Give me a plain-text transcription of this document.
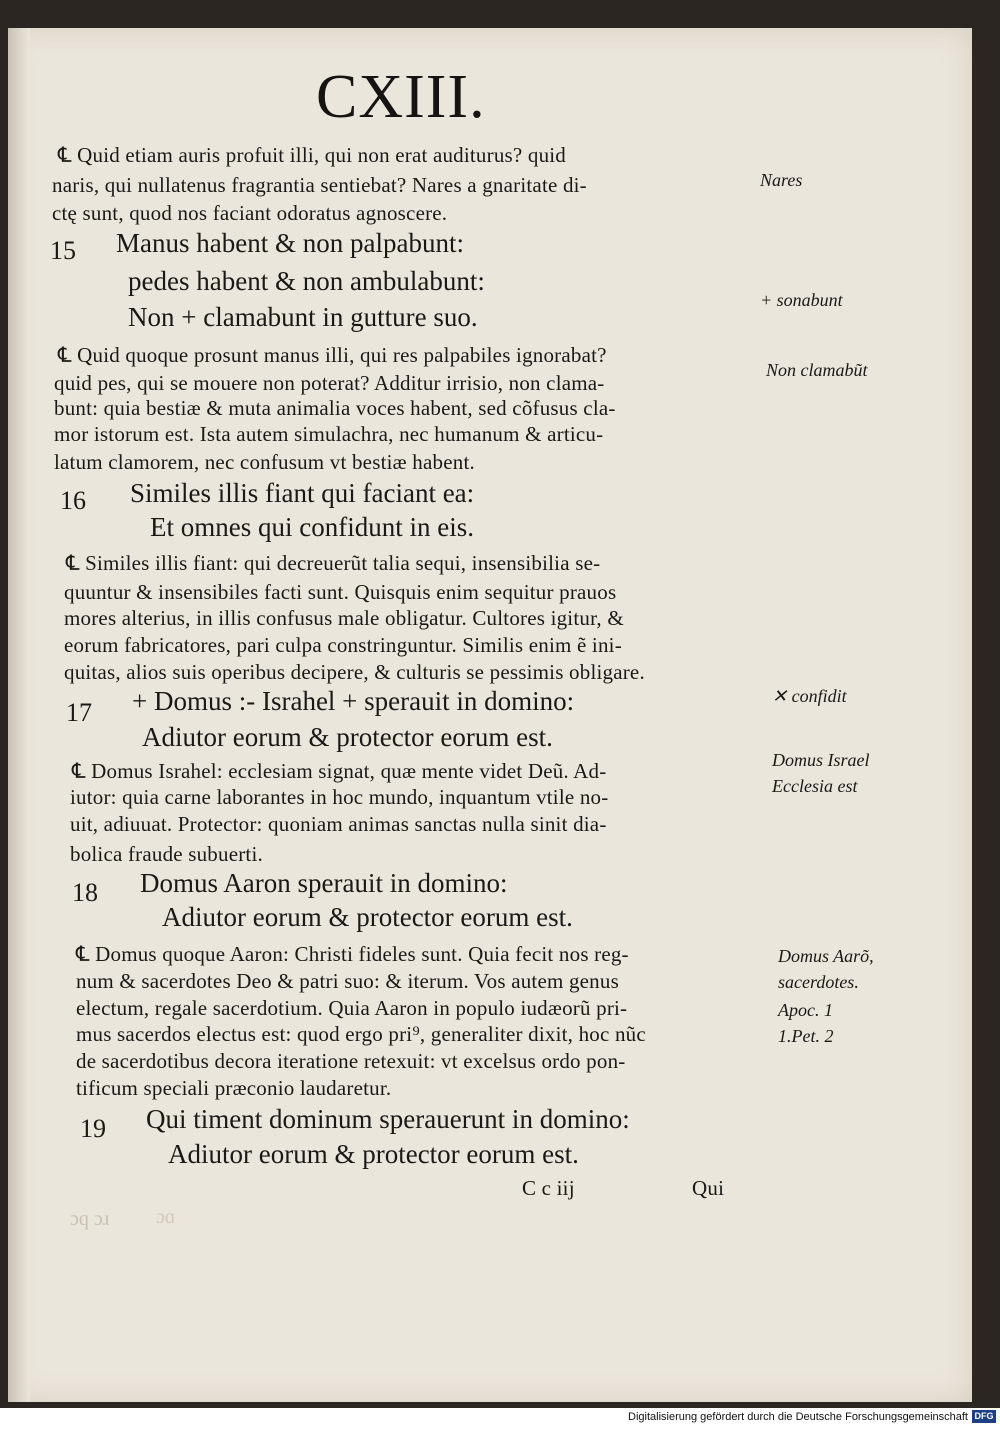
CXIII.
℄ Quid etiam auris profuit illi, qui non erat auditurus? quid
naris, qui nullatenus fragrantia sentiebat? Nares a gnaritate di-
ctę sunt, quod nos faciant odoratus agnoscere.
15 Manus habent & non palpabunt:
pedes habent & non ambulabunt:
Non + clamabunt in gutture suo.
℄ Quid quoque prosunt manus illi, qui res palpabiles ignorabat?
quid pes, qui se mouere non poterat? Additur irrisio, non clama-
bunt: quia bestiæ & muta animalia voces habent, sed cõfusus cla-
mor istorum est. Ista autem simulachra, nec humanum & articu-
latum clamorem, nec confusum vt bestiæ habent.
16 Similes illis fiant qui faciant ea:
Et omnes qui confidunt in eis.
℄ Similes illis fiant: qui decreuerũt talia sequi, insensibilia se-
quuntur & insensibiles facti sunt. Quisquis enim sequitur prauos
mores alterius, in illis confusus male obligatur. Cultores igitur, &
eorum fabricatores, pari culpa constringuntur. Similis enim ẽ ini-
quitas, alios suis operibus decipere, & culturis se pessimis obligare.
17 + Domus :- Israhel + sperauit in domino:
Adiutor eorum & protector eorum est.
℄ Domus Israhel: ecclesiam signat, quæ mente videt Deũ. Ad-
iutor: quia carne laborantes in hoc mundo, inquantum vtile no-
uit, adiuuat. Protector: quoniam animas sanctas nulla sinit dia-
bolica fraude subuerti.
18 Domus Aaron sperauit in domino:
Adiutor eorum & protector eorum est.
℄ Domus quoque Aaron: Christi fideles sunt. Quia fecit nos reg-
num & sacerdotes Deo & patri suo: & iterum. Vos autem genus
electum, regale sacerdotium. Quia Aaron in populo iudæorũ pri-
mus sacerdos electus est: quod ergo pri⁹, generaliter dixit, hoc nũc
de sacerdotibus decora iteratione retexuit: vt excelsus ordo pon-
tificum speciali præconio laudaretur.
19 Qui timent dominum sperauerunt in domino:
Adiutor eorum & protector eorum est.
C c iij	Qui
ɔq ɔɹ ɔɑ
Nares
+ sonabunt
Non clamabũt
✕ confidit
Domus Israel
Ecclesia est
Domus Aarõ,
sacerdotes.
Apoc. 1
1.Pet. 2
Digitalisierung gefördert durch die Deutsche Forschungsgemeinschaft DFG
